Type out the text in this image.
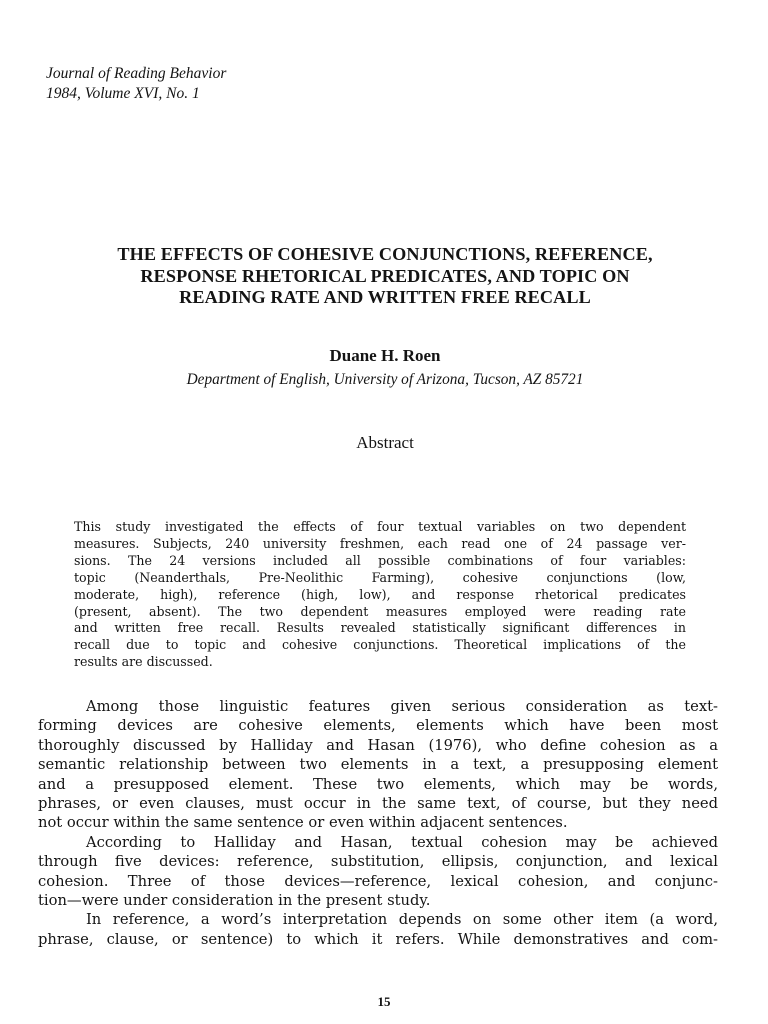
Journal of Reading Behavior
1984, Volume XVI, No. 1
THE EFFECTS OF COHESIVE CONJUNCTIONS, REFERENCE,
RESPONSE RHETORICAL PREDICATES, AND TOPIC ON
READING RATE AND WRITTEN FREE RECALL
Duane H. Roen
Department of English, University of Arizona, Tucson, AZ 85721
Abstract
This study investigated the effects of four textual variables on two dependent
measures. Subjects, 240 university freshmen, each read one of 24 passage ver-
sions. The 24 versions included all possible combinations of four variables:
topic (Neanderthals, Pre-Neolithic Farming), cohesive conjunctions (low,
moderate, high), reference (high, low), and response rhetorical predicates
(present, absent). The two dependent measures employed were reading rate
and written free recall. Results revealed statistically significant differences in
recall due to topic and cohesive conjunctions. Theoretical implications of the
results are discussed.
Among those linguistic features given serious consideration as text-
forming devices are cohesive elements, elements which have been most
thoroughly discussed by Halliday and Hasan (1976), who define cohesion as a
semantic relationship between two elements in a text, a presupposing element
and a presupposed element. These two elements, which may be words,
phrases, or even clauses, must occur in the same text, of course, but they need
not occur within the same sentence or even within adjacent sentences.
According to Halliday and Hasan, textual cohesion may be achieved
through five devices: reference, substitution, ellipsis, conjunction, and lexical
cohesion. Three of those devices—reference, lexical cohesion, and conjunc-
tion—were under consideration in the present study.
In reference, a word’s interpretation depends on some other item (a word,
phrase, clause, or sentence) to which it refers. While demonstratives and com-
15
